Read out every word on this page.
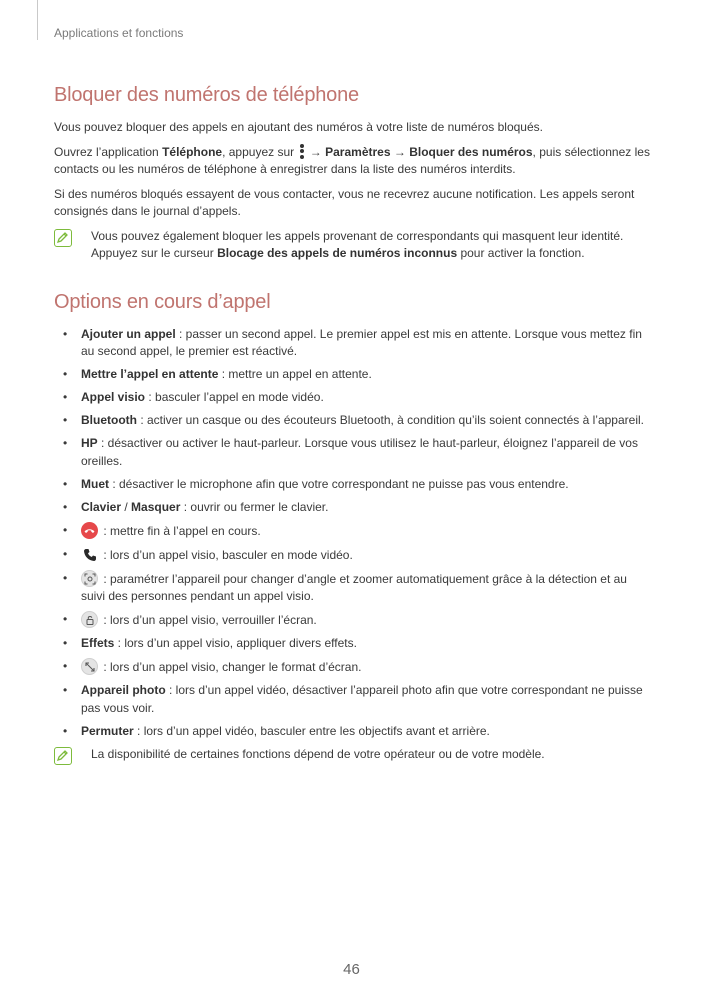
Applications et fonctions
Bloquer des numéros de téléphone

Vous pouvez bloquer des appels en ajoutant des numéros à votre liste de numéros bloqués.

Ouvrez l’application Téléphone, appuyez sur
→ Paramètres → Bloquer des numéros, puis sélectionnez les contacts ou les numéros de téléphone à enregistrer dans la liste des numéros interdits.

Si des numéros bloqués essayent de vous contacter, vous ne recevrez aucune notification. Les appels seront consignés dans le journal d’appels.

Vous pouvez également bloquer les appels provenant de correspondants qui masquent leur identité. Appuyez sur le curseur Blocage des appels de numéros inconnus pour activer la fonction.
Options en cours d’appel
• Ajouter un appel : passer un second appel. Le premier appel est mis en attente. Lorsque vous mettez fin au second appel, le premier est réactivé.
• Mettre l’appel en attente : mettre un appel en attente.
• Appel visio : basculer l’appel en mode vidéo.
• Bluetooth : activer un casque ou des écouteurs Bluetooth, à condition qu’ils soient connectés à l’appareil.
• HP : désactiver ou activer le haut-parleur. Lorsque vous utilisez le haut-parleur, éloignez l’appareil de vos oreilles.
• Muet : désactiver le microphone afin que votre correspondant ne puisse pas vous entendre.
• Clavier / Masquer : ouvrir ou fermer le clavier.
•	: mettre fin à l’appel en cours.
•	: lors d’un appel visio, basculer en mode vidéo.
•	: paramétrer l’appareil pour changer d’angle et zoomer automatiquement grâce à la détection et au suivi des personnes pendant un appel visio.
•	: lors d’un appel visio, verrouiller l’écran.
• Effets : lors d’un appel visio, appliquer divers effets.
•	: lors d’un appel visio, changer le format d’écran.
• Appareil photo : lors d’un appel vidéo, désactiver l’appareil photo afin que votre correspondant ne puisse pas vous voir.
• Permuter : lors d’un appel vidéo, basculer entre les objectifs avant et arrière.
La disponibilité de certaines fonctions dépend de votre opérateur ou de votre modèle.
46
